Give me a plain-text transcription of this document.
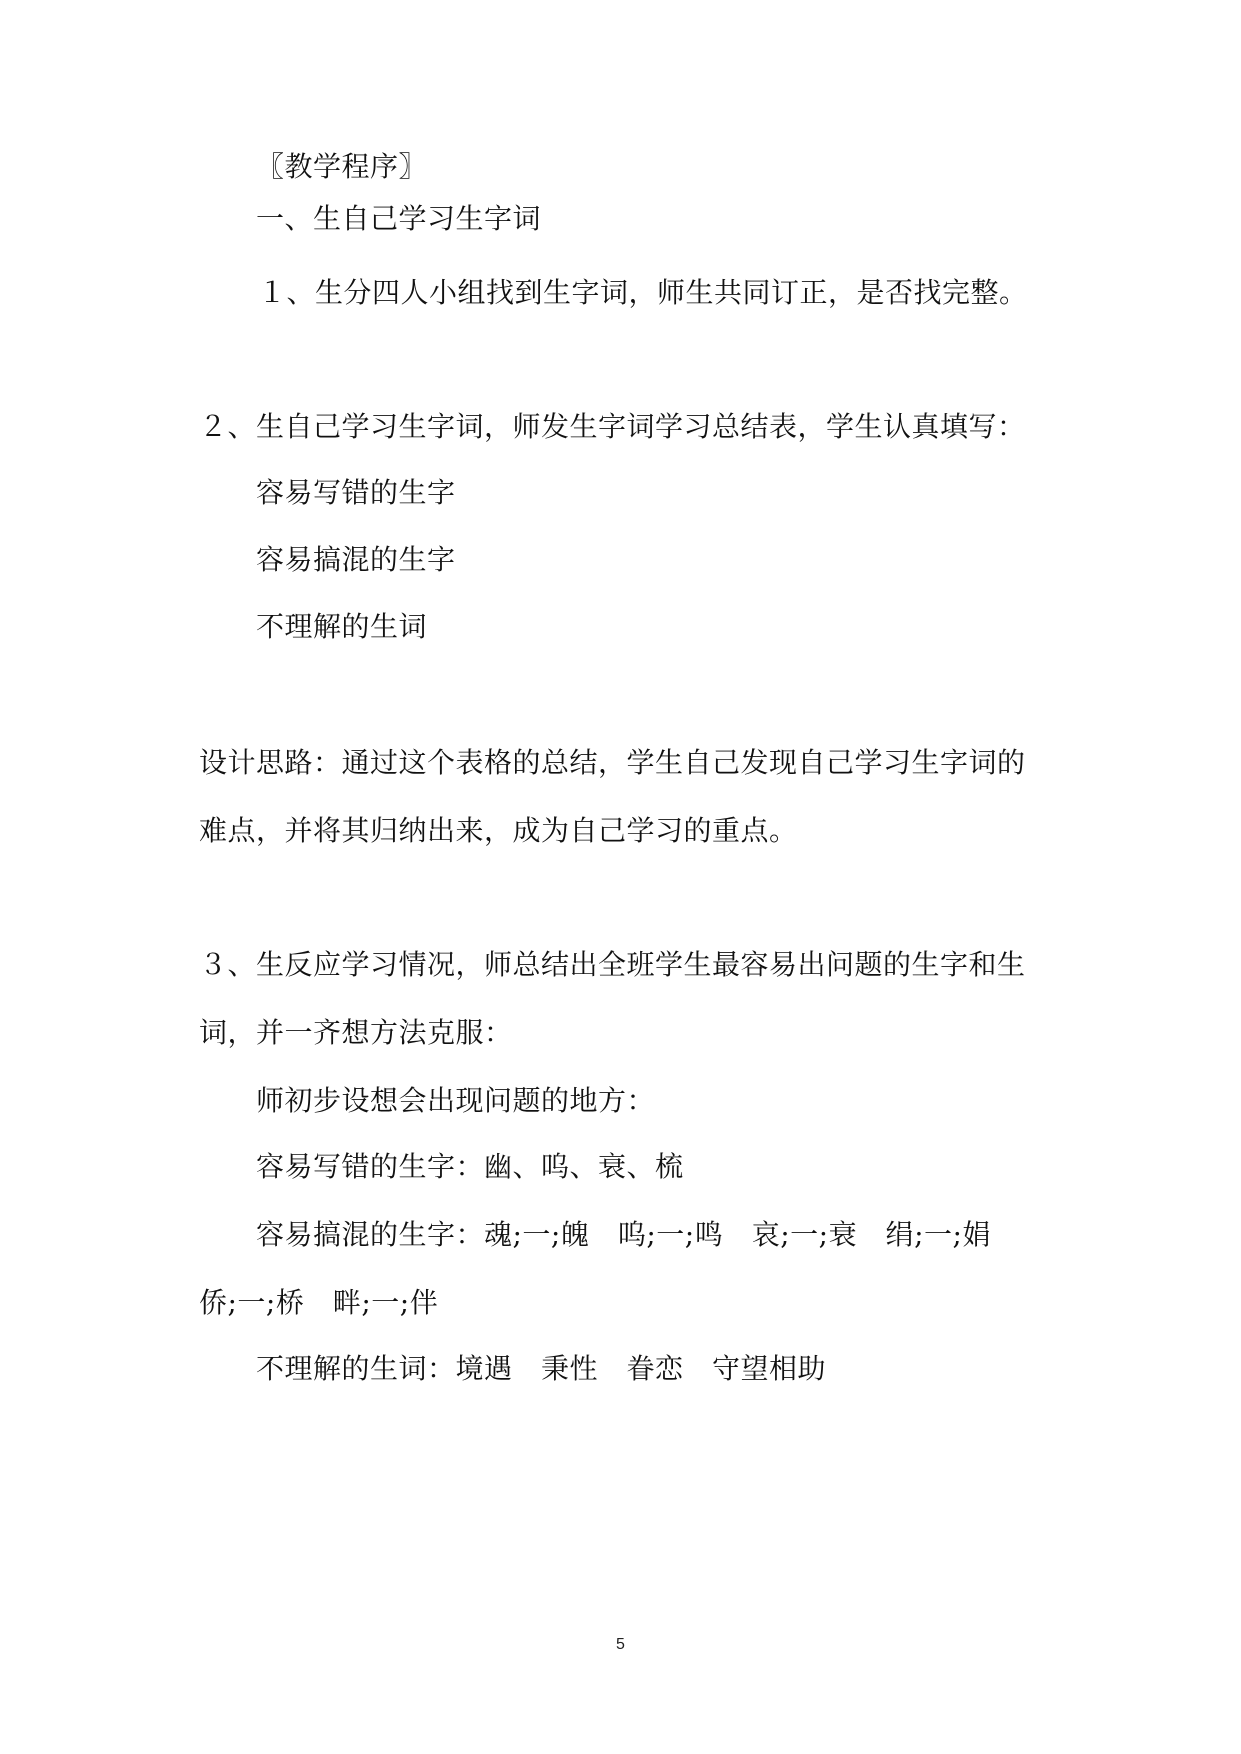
〖教学程序〗
一、生自己学习生字词
１、生分四人小组找到生字词，师生共同订正，是否找完整。
２、生自己学习生字词，师发生字词学习总结表，学生认真填写：
容易写错的生字
容易搞混的生字
不理解的生词
设计思路：通过这个表格的总结，学生自己发现自己学习生字词的
难点，并将其归纳出来，成为自己学习的重点。
３、生反应学习情况，师总结出全班学生最容易出问题的生字和生
词，并一齐想方法克服：
师初步设想会出现问题的地方：
容易写错的生字：幽、呜、衰、梳
容易搞混的生字：魂;一;魄　呜;一;鸣　哀;一;衰　绢;一;娟
侨;一;桥　畔;一;伴
不理解的生词：境遇　秉性　眷恋　守望相助
5
